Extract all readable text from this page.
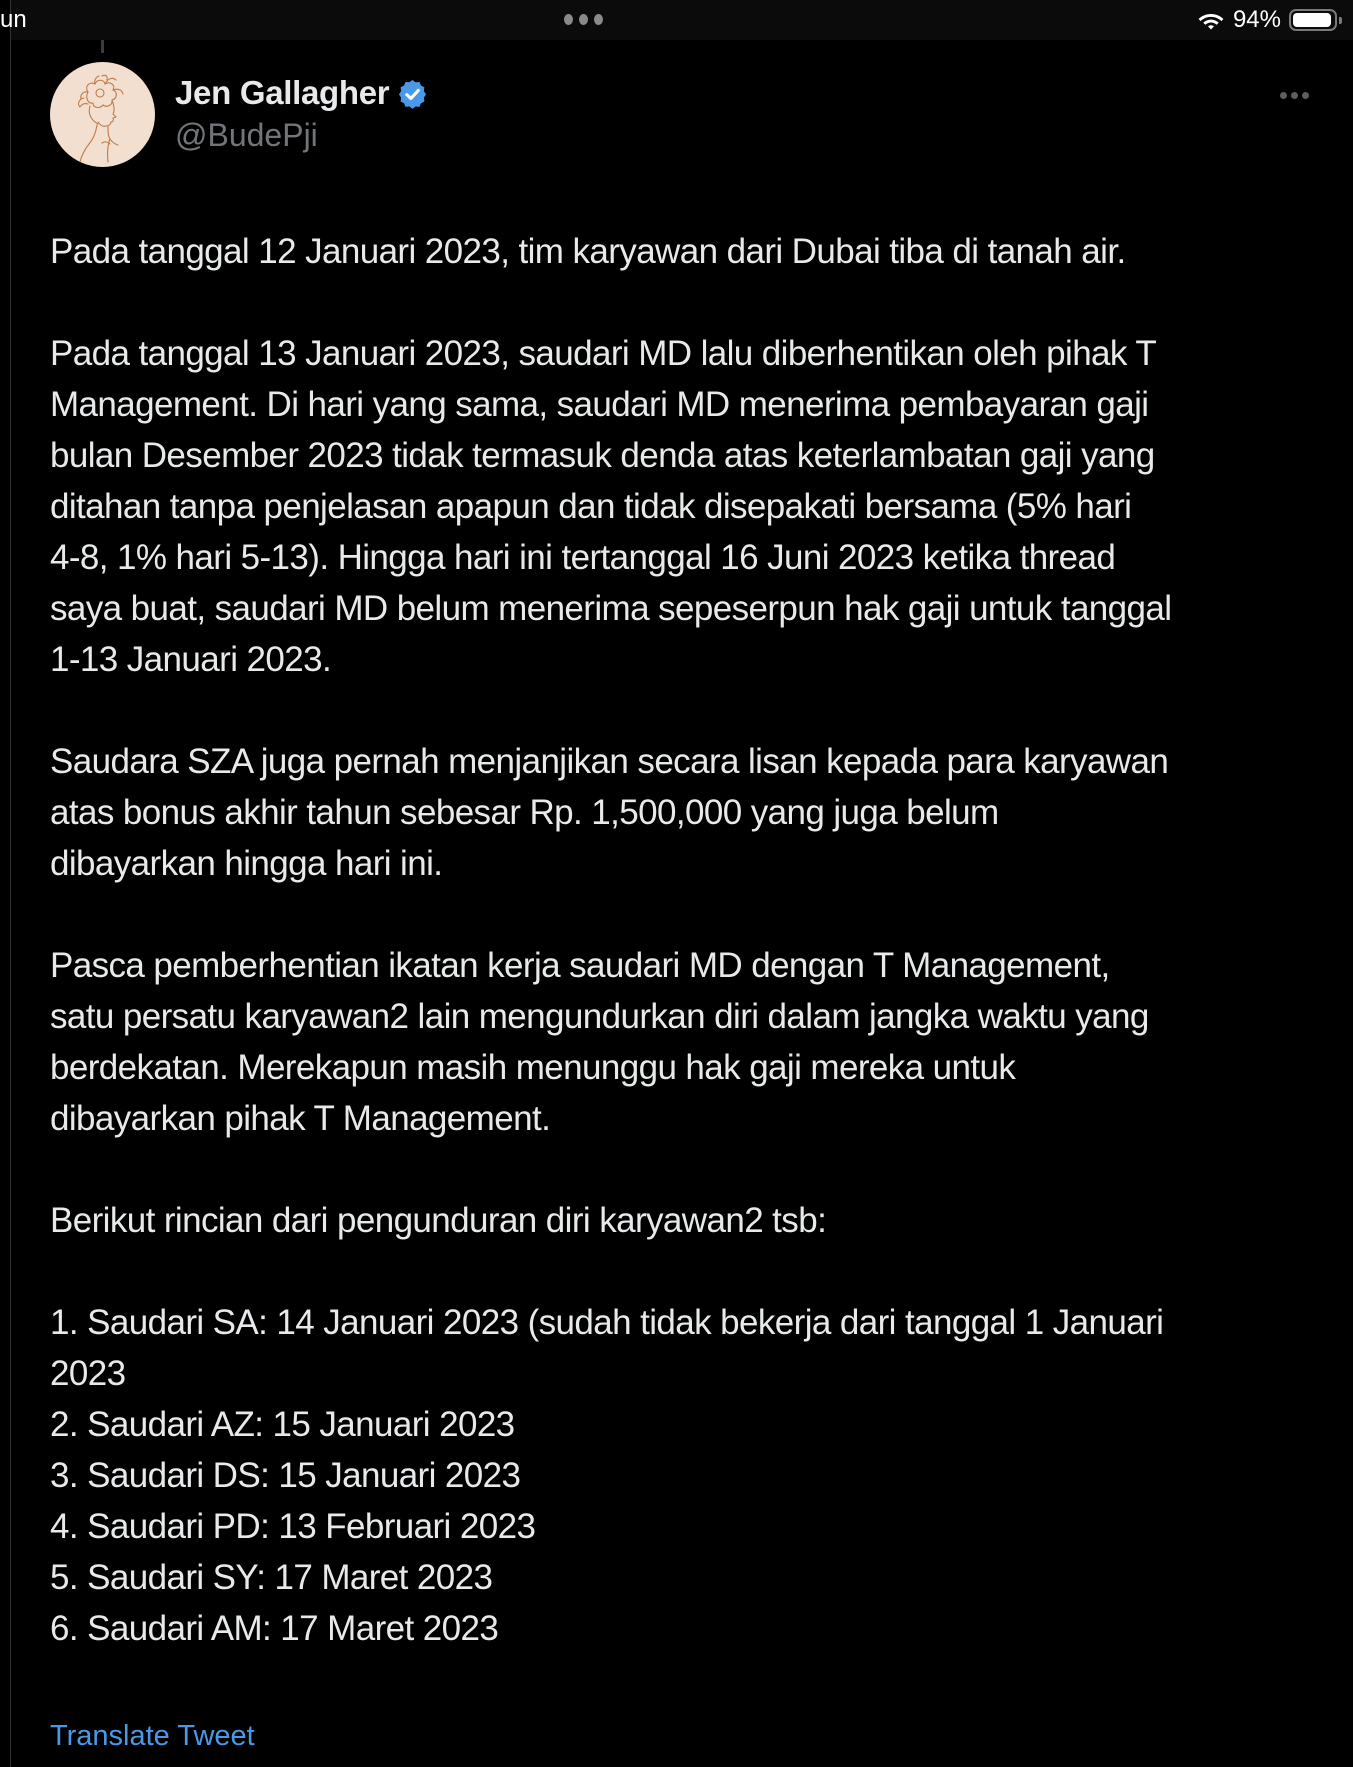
un	94%
Jen Gallagher
@BudePji
Pada tanggal 12 Januari 2023, tim karyawan dari Dubai tiba di tanah air.
Pada tanggal 13 Januari 2023, saudari MD lalu diberhentikan oleh pihak T
Management. Di hari yang sama, saudari MD menerima pembayaran gaji
bulan Desember 2023 tidak termasuk denda atas keterlambatan gaji yang
ditahan tanpa penjelasan apapun dan tidak disepakati bersama (5% hari
4-8, 1% hari 5-13). Hingga hari ini tertanggal 16 Juni 2023 ketika thread
saya buat, saudari MD belum menerima sepeserpun hak gaji untuk tanggal
1-13 Januari 2023.
Saudara SZA juga pernah menjanjikan secara lisan kepada para karyawan
atas bonus akhir tahun sebesar Rp. 1,500,000 yang juga belum
dibayarkan hingga hari ini.
Pasca pemberhentian ikatan kerja saudari MD dengan T Management,
satu persatu karyawan2 lain mengundurkan diri dalam jangka waktu yang
berdekatan. Merekapun masih menunggu hak gaji mereka untuk
dibayarkan pihak T Management.
Berikut rincian dari pengunduran diri karyawan2 tsb:
1. Saudari SA: 14 Januari 2023 (sudah tidak bekerja dari tanggal 1 Januari
2023
2. Saudari AZ: 15 Januari 2023
3. Saudari DS: 15 Januari 2023
4. Saudari PD: 13 Februari 2023
5. Saudari SY: 17 Maret 2023
6. Saudari AM: 17 Maret 2023
Translate Tweet
